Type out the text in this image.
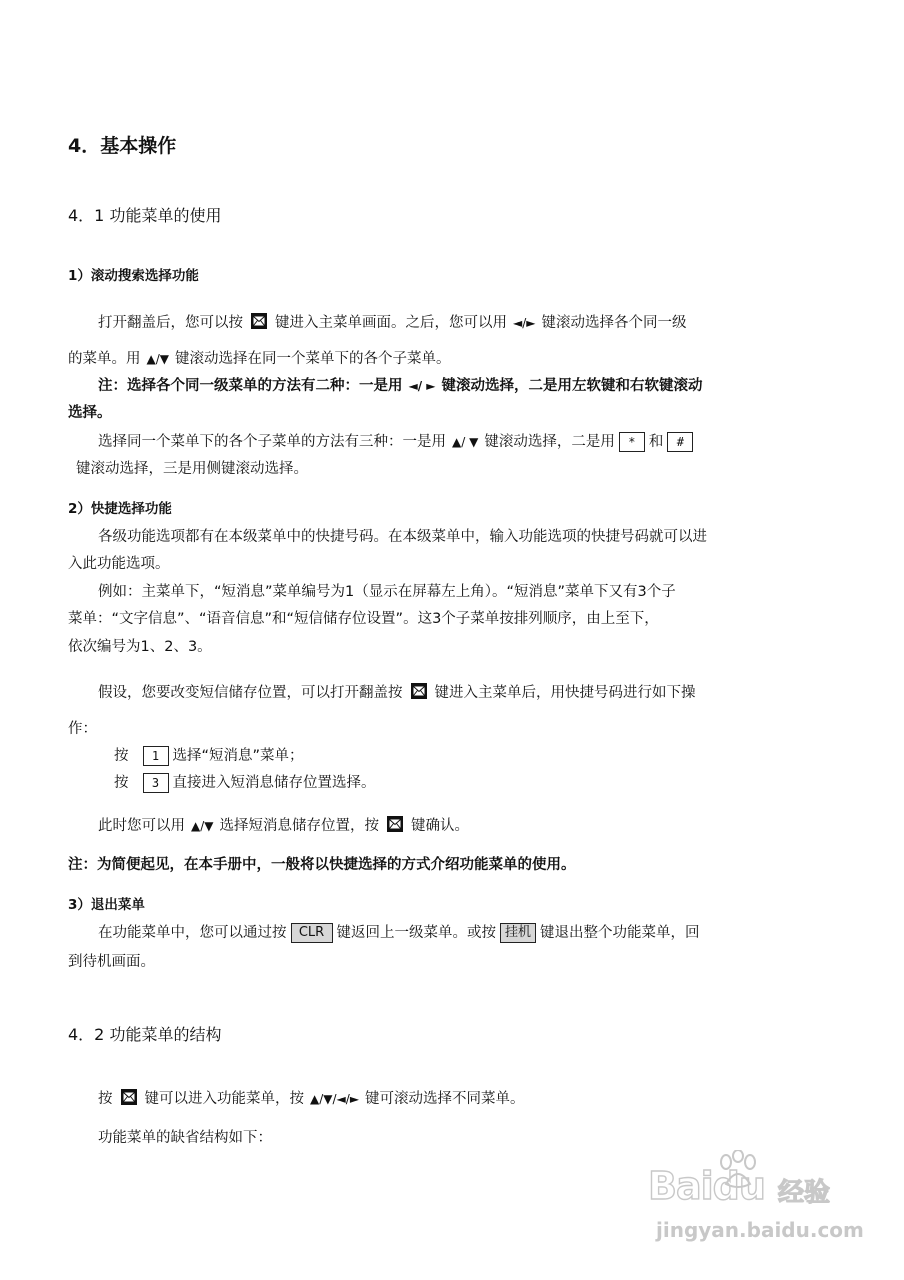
4．基本操作
4．1 功能菜单的使用
1）滚动搜索选择功能
打开翻盖后，您可以按 键进入主菜单画面。之后，您可以用 ◄/► 键滚动选择各个同一级
的菜单。用 ▲/▼ 键滚动选择在同一个菜单下的各个子菜单。
注：选择各个同一级菜单的方法有二种：一是用 ◄/ ► 键滚动选择，二是用左软键和右软键滚动
选择。
选择同一个菜单下的各个子菜单的方法有三种：一是用 ▲/ ▼ 键滚动选择，二是用 * 和 #
键滚动选择，三是用侧键滚动选择。
2）快捷选择功能
各级功能选项都有在本级菜单中的快捷号码。在本级菜单中，输入功能选项的快捷号码就可以进
入此功能选项。
例如：主菜单下，“短消息”菜单编号为1（显示在屏幕左上角）。“短消息”菜单下又有3个子
菜单：“文字信息”、“语音信息”和“短信储存位设置”。这3个子菜单按排列顺序，由上至下，
依次编号为1、2、3。
假设，您要改变短信储存位置，可以打开翻盖按 键进入主菜单后，用快捷号码进行如下操
作：
按 1 选择“短消息”菜单；
按 3 直接进入短消息储存位置选择。
此时您可以用 ▲/▼ 选择短消息储存位置，按 键确认。
注：为简便起见，在本手册中，一般将以快捷选择的方式介绍功能菜单的使用。
3）退出菜单
在功能菜单中，您可以通过按 CLR 键返回上一级菜单。或按 挂机 键退出整个功能菜单，回
到待机画面。
4．2 功能菜单的结构
按 键可以进入功能菜单，按 ▲/▼/◄/► 键可滚动选择不同菜单。
功能菜单的缺省结构如下：
Baidu 经验
jingyan.baidu.com
